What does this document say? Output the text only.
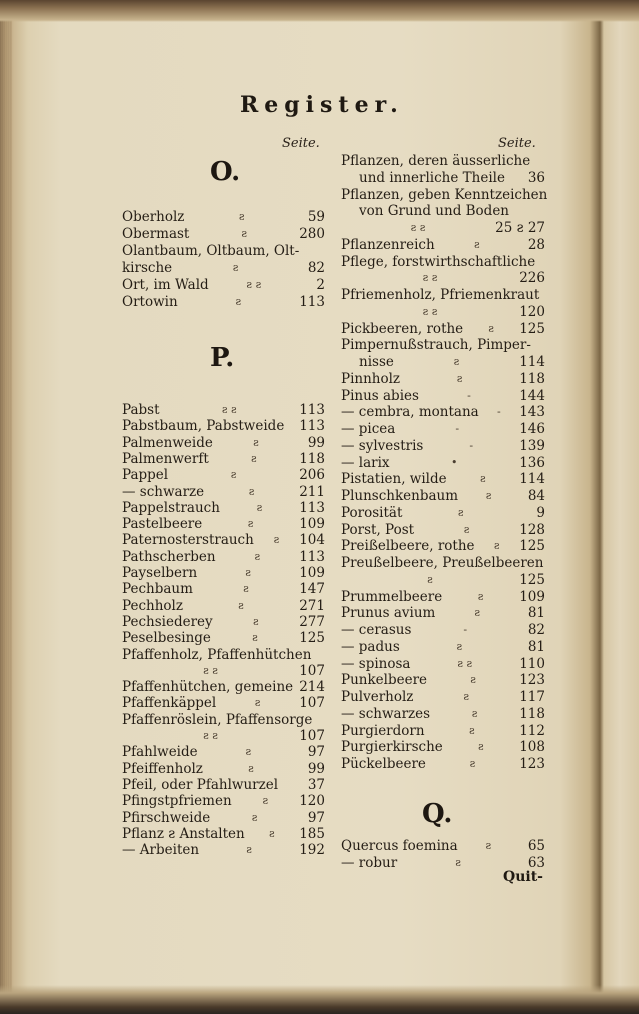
Register.
Seite.	Seite.
O.
P.
Oberholz	ƨ	59
Obermast	ƨ	280
Olantbaum, Oltbaum, Olt-
kirsche	ƨ	82
Ort, im Wald	ƨ ƨ	2
Ortowin	ƨ	113
Pabst	ƨ ƨ	113
Pabstbaum, Pabstweide 113
Palmenweide	ƨ	99
Palmenwerft	ƨ	118
Pappel	ƨ	206
— schwarze	ƨ	211
Pappelstrauch	ƨ	113
Pastelbeere	ƨ	109
Paternosterstrauch	ƨ	104
Pathscherben	ƨ	113
Payselbern	ƨ	109
Pechbaum	ƨ	147
Pechholz	ƨ	271
Pechsiederey	ƨ	277
Peselbesinge	ƨ	125
Pfaffenholz, Pfaffenhütchen
ƨ ƨ	107
Pfaffenhütchen, gemeine 214
Pfaffenkäppel	ƨ	107
Pfaffenröslein, Pfaffensorge
ƨ ƨ	107
Pfahlweide	ƨ	97
Pfeiffenholz	ƨ	99
Pfeil, oder Pfahlwurzel	37
Pfingstpfriemen	ƨ	120
Pfirschweide	ƨ	97
Pflanz ƨ Anstalten	ƨ	185
— Arbeiten	ƨ	192
Pflanzen, deren äusserliche
und innerliche Theile	36
Pflanzen, geben Kenntzeichen
von Grund und Boden
ƨ ƨ	25 ƨ 27
Pflanzenreich	ƨ	28
Pflege, forstwirthschaftliche
ƨ ƨ	226
Pfriemenholz, Pfriemenkraut
ƨ ƨ	120
Pickbeeren, rothe	ƨ	125
Pimpernußstrauch, Pimper-
nisse	ƨ	114
Pinnholz	ƨ	118
Pinus abies	-	144
— cembra, montana	-	143
— picea	-	146
— sylvestris	-	139
— larix	•	136
Pistatien, wilde	ƨ	114
Plunschkenbaum	ƨ	84
Porosität	ƨ	9
Porst, Post	ƨ	128
Preißelbeere, rothe	ƨ	125
Preußelbeere, Preußelbeeren
ƨ	125
Prummelbeere	ƨ	109
Prunus avium	ƨ	81
— cerasus	-	82
— padus	ƨ	81
— spinosa	ƨ ƨ	110
Punkelbeere	ƨ	123
Pulverholz	ƨ	117
— schwarzes	ƨ	118
Purgierdorn	ƨ	112
Purgierkirsche	ƨ	108
Pückelbeere	ƨ	123
Quercus foemina	ƨ	65
— robur	ƨ	63
Q.
Quit-
